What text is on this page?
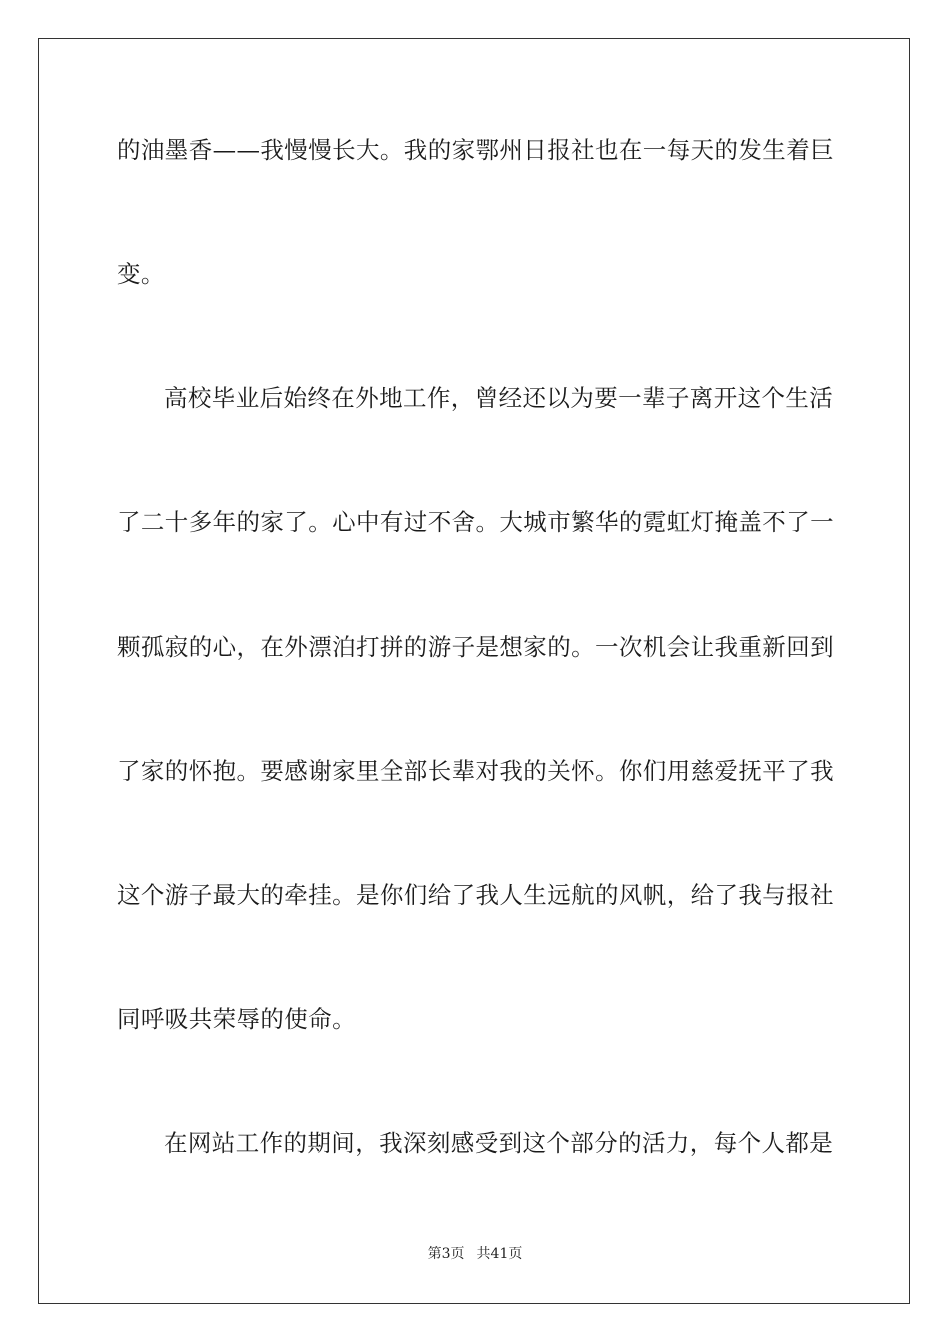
的油墨香——我慢慢长大。我的家鄂州日报社也在一每天的发生着巨
变。
高校毕业后始终在外地工作，曾经还以为要一辈子离开这个生活
了二十多年的家了。心中有过不舍。大城市繁华的霓虹灯掩盖不了一
颗孤寂的心，在外漂泊打拼的游子是想家的。一次机会让我重新回到
了家的怀抱。要感谢家里全部长辈对我的关怀。你们用慈爱抚平了我
这个游子最大的牵挂。是你们给了我人生远航的风帆，给了我与报社
同呼吸共荣辱的使命。
在网站工作的期间，我深刻感受到这个部分的活力，每个人都是
第3页 共41页
